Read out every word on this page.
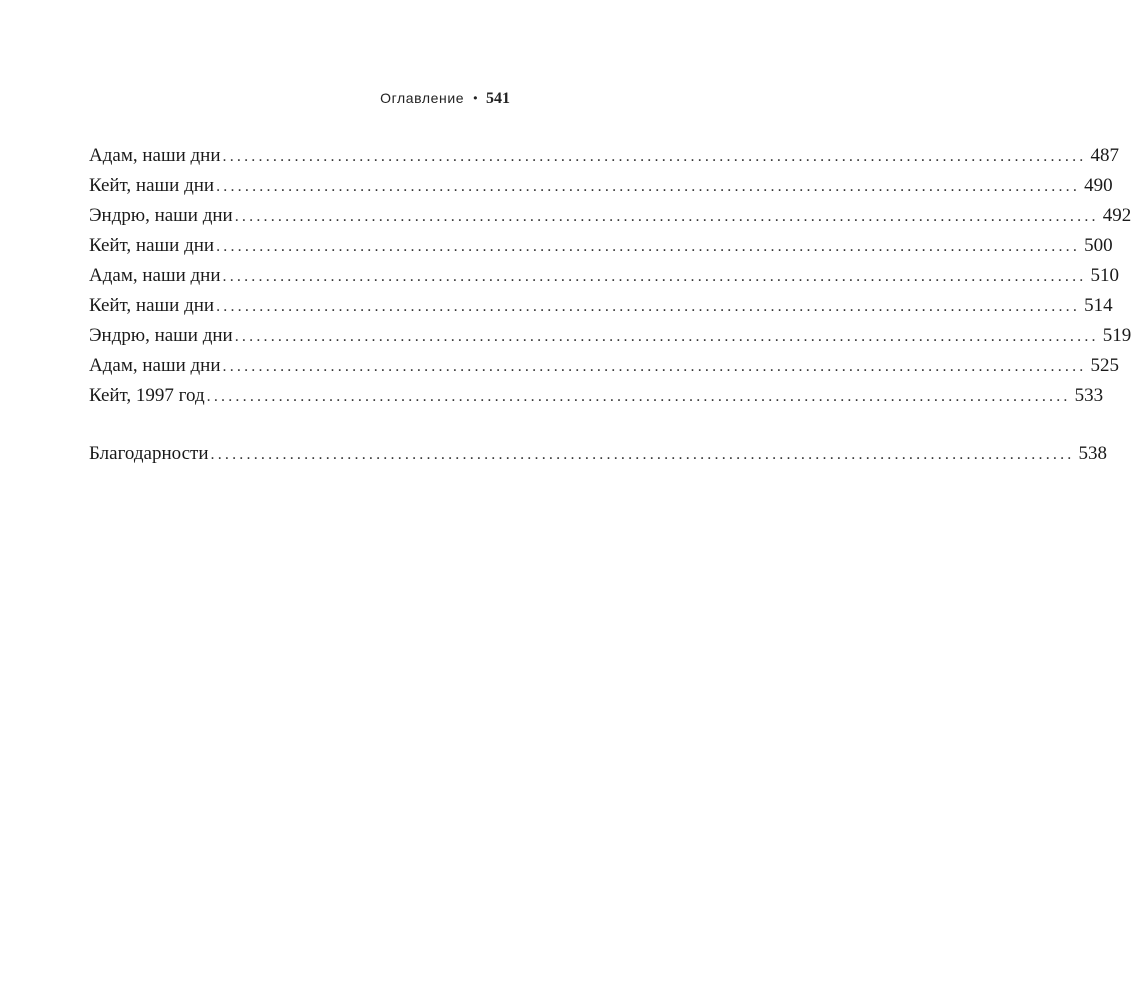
Оглавление • 541
Адам, наши дни ........................................................................................................................ 487
Кейт, наши дни ........................................................................................................................ 490
Эндрю, наши дни ........................................................................................................................ 492
Кейт, наши дни ........................................................................................................................ 500
Адам, наши дни ........................................................................................................................ 510
Кейт, наши дни ........................................................................................................................ 514
Эндрю, наши дни ........................................................................................................................ 519
Адам, наши дни ........................................................................................................................ 525
Кейт, 1997 год ........................................................................................................................ 533
Благодарности ........................................................................................................................ 538
